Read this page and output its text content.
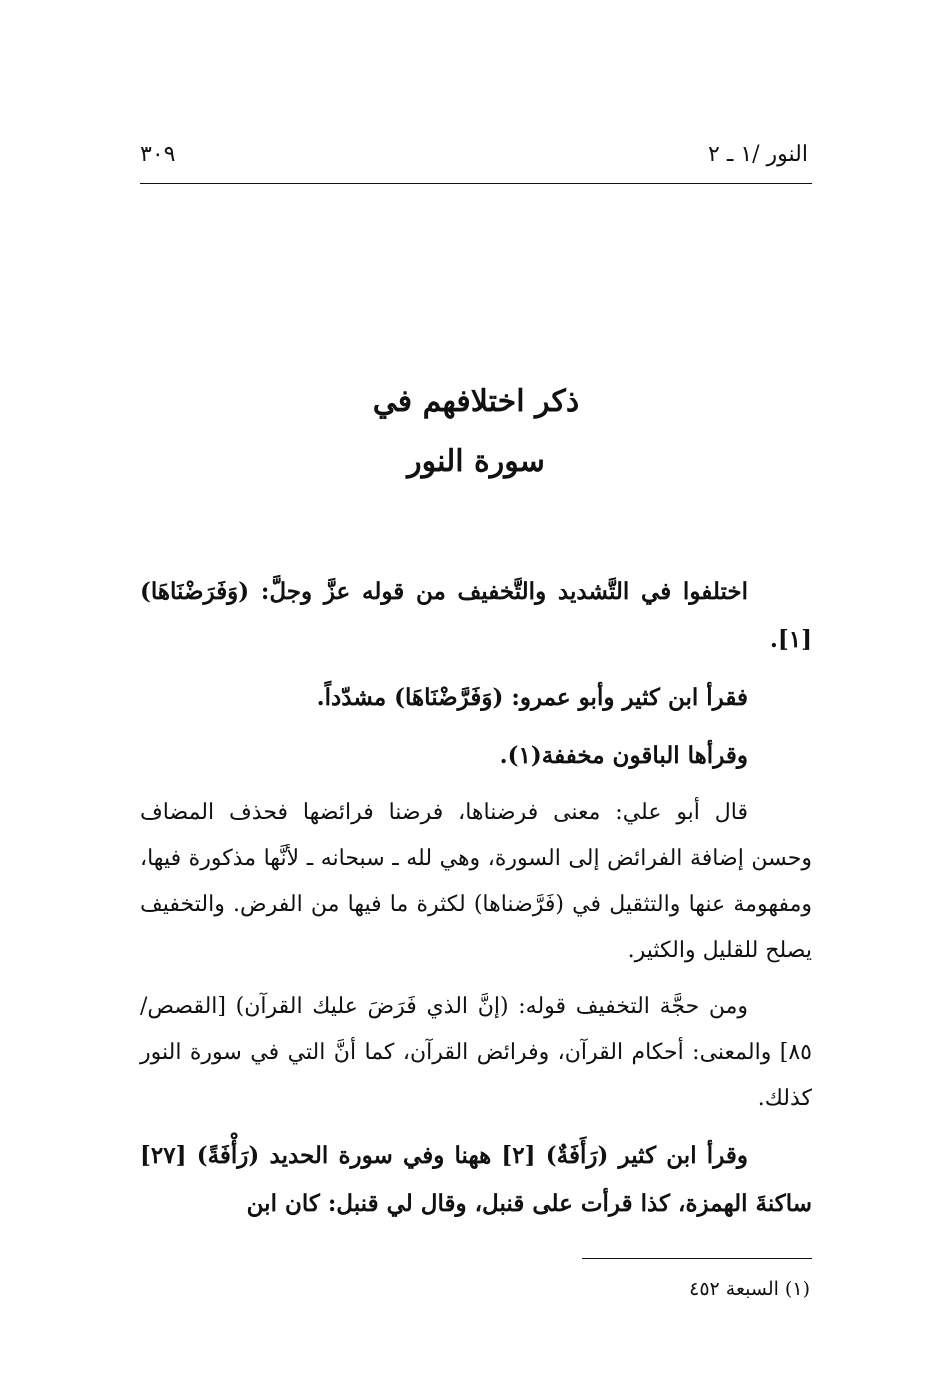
النور /١ ـ ٢
٣٠٩
ذكر اختلافهم في
سورة النور

اختلفوا في التَّشديد والتَّخفيف من قوله عزَّ وجلَّ: (وَفَرَضْنَاهَا) [١].

فقرأ ابن كثير وأبو عمرو: (وَفَرَّضْنَاهَا) مشدّداً.

وقرأها الباقون مخففة(١).

قال أبو علي: معنى فرضناها، فرضنا فرائضها فحذف المضاف وحسن إضافة الفرائض إلى السورة، وهي لله ـ سبحانه ـ لأنَّها مذكورة فيها، ومفهومة عنها والتثقيل في (فَرَّضناها) لكثرة ما فيها من الفرض. والتخفيف يصلح للقليل والكثير.

ومن حجَّة التخفيف قوله: (إنَّ الذي فَرَضَ عليك القرآن) [القصص/٨٥] والمعنى: أحكام القرآن، وفرائض القرآن، كما أنَّ التي في سورة النور كذلك.

وقرأ ابن كثير (رَأَفَةٌ) [٢] ههنا وفي سورة الحديد (رَأْفَةً) [٢٧] ساكنةَ الهمزة، كذا قرأت على قنبل، وقال لي قنبل: كان ابن

(١) السبعة ٤٥٢
